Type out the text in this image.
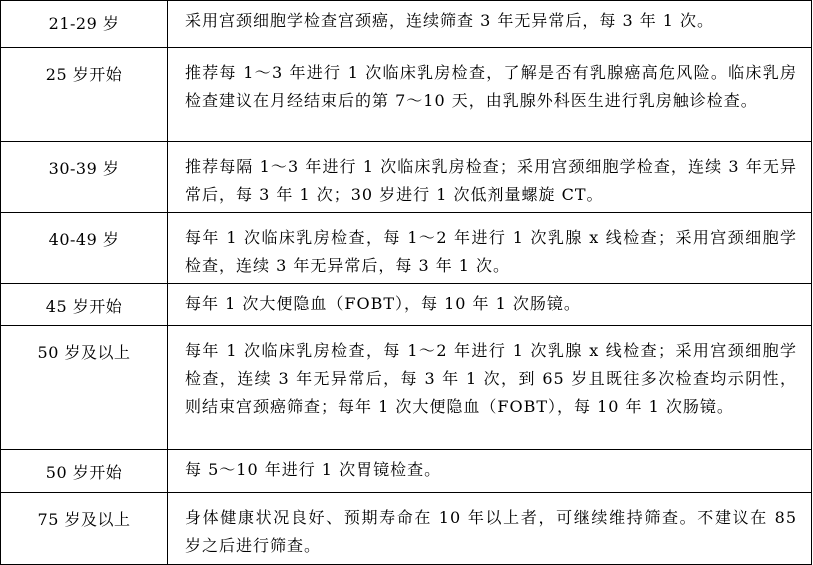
21-29 岁	采用宫颈细胞学检查宫颈癌，连续筛查 3 年无异常后，每 3 年 1 次。
25 岁开始	推荐每 1～3 年进行 1 次临床乳房检查，了解是否有乳腺癌高危风险。临床乳房检查建议在月经结束后的第 7～10 天，由乳腺外科医生进行乳房触诊检查。
30-39 岁	推荐每隔 1～3 年进行 1 次临床乳房检查；采用宫颈细胞学检查，连续 3 年无异常后，每 3 年 1 次；30 岁进行 1 次低剂量螺旋 CT。
40-49 岁	每年 1 次临床乳房检查，每 1～2 年进行 1 次乳腺 x 线检查；采用宫颈细胞学检查，连续 3 年无异常后，每 3 年 1 次。
45 岁开始	每年 1 次大便隐血（FOBT），每 10 年 1 次肠镜。
50 岁及以上	每年 1 次临床乳房检查，每 1～2 年进行 1 次乳腺 x 线检查；采用宫颈细胞学检查，连续 3 年无异常后，每 3 年 1 次，到 65 岁且既往多次检查均示阴性，则结束宫颈癌筛查；每年 1 次大便隐血（FOBT），每 10 年 1 次肠镜。
50 岁开始	每 5～10 年进行 1 次胃镜检查。
75 岁及以上	身体健康状况良好、预期寿命在 10 年以上者，可继续维持筛查。不建议在 85 岁之后进行筛查。
